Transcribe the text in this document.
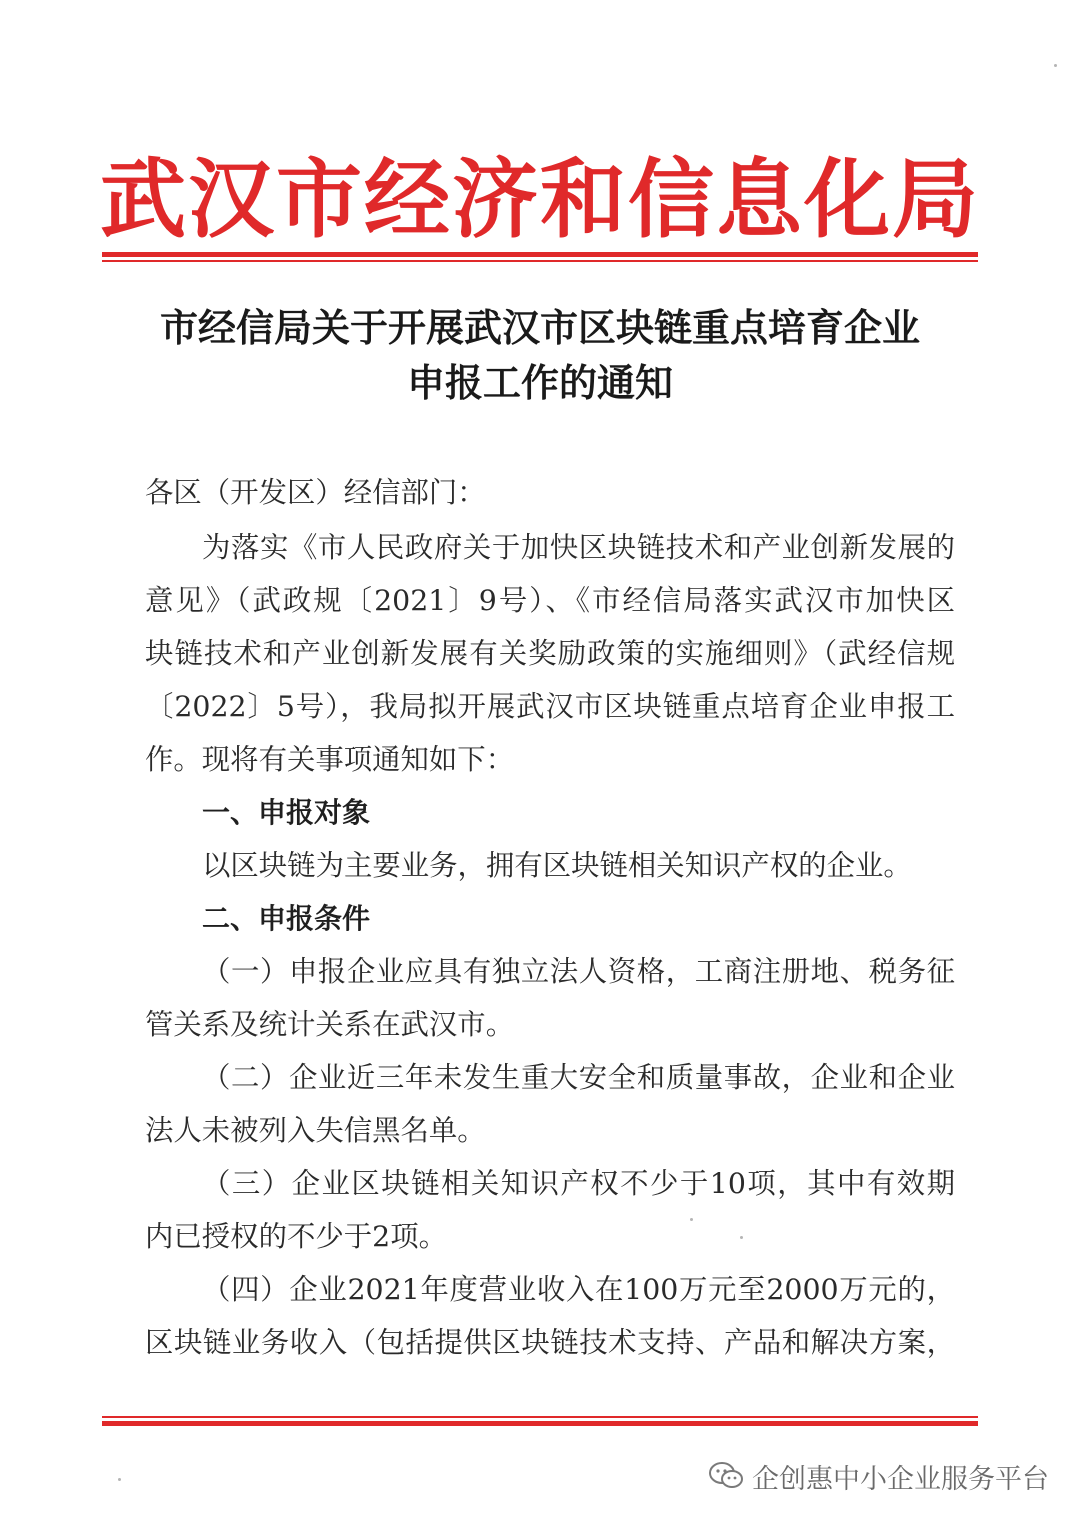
武汉市经济和信息化局
市经信局关于开展武汉市区块链重点培育企业
申报工作的通知
各区（开发区）经信部门：
为落实《市人民政府关于加快区块链技术和产业创新发展的
意见》（武政规〔2021〕9号）、《市经信局落实武汉市加快区
块链技术和产业创新发展有关奖励政策的实施细则》（武经信规
〔2022〕5号），我局拟开展武汉市区块链重点培育企业申报工
作。现将有关事项通知如下：
一、申报对象
以区块链为主要业务，拥有区块链相关知识产权的企业。
二、申报条件
（一）申报企业应具有独立法人资格，工商注册地、税务征
管关系及统计关系在武汉市。
（二）企业近三年未发生重大安全和质量事故，企业和企业
法人未被列入失信黑名单。
（三）企业区块链相关知识产权不少于10项，其中有效期
内已授权的不少于2项。
（四）企业2021年度营业收入在100万元至2000万元的，
区块链业务收入（包括提供区块链技术支持、产品和解决方案，
企创惠中小企业服务平台
